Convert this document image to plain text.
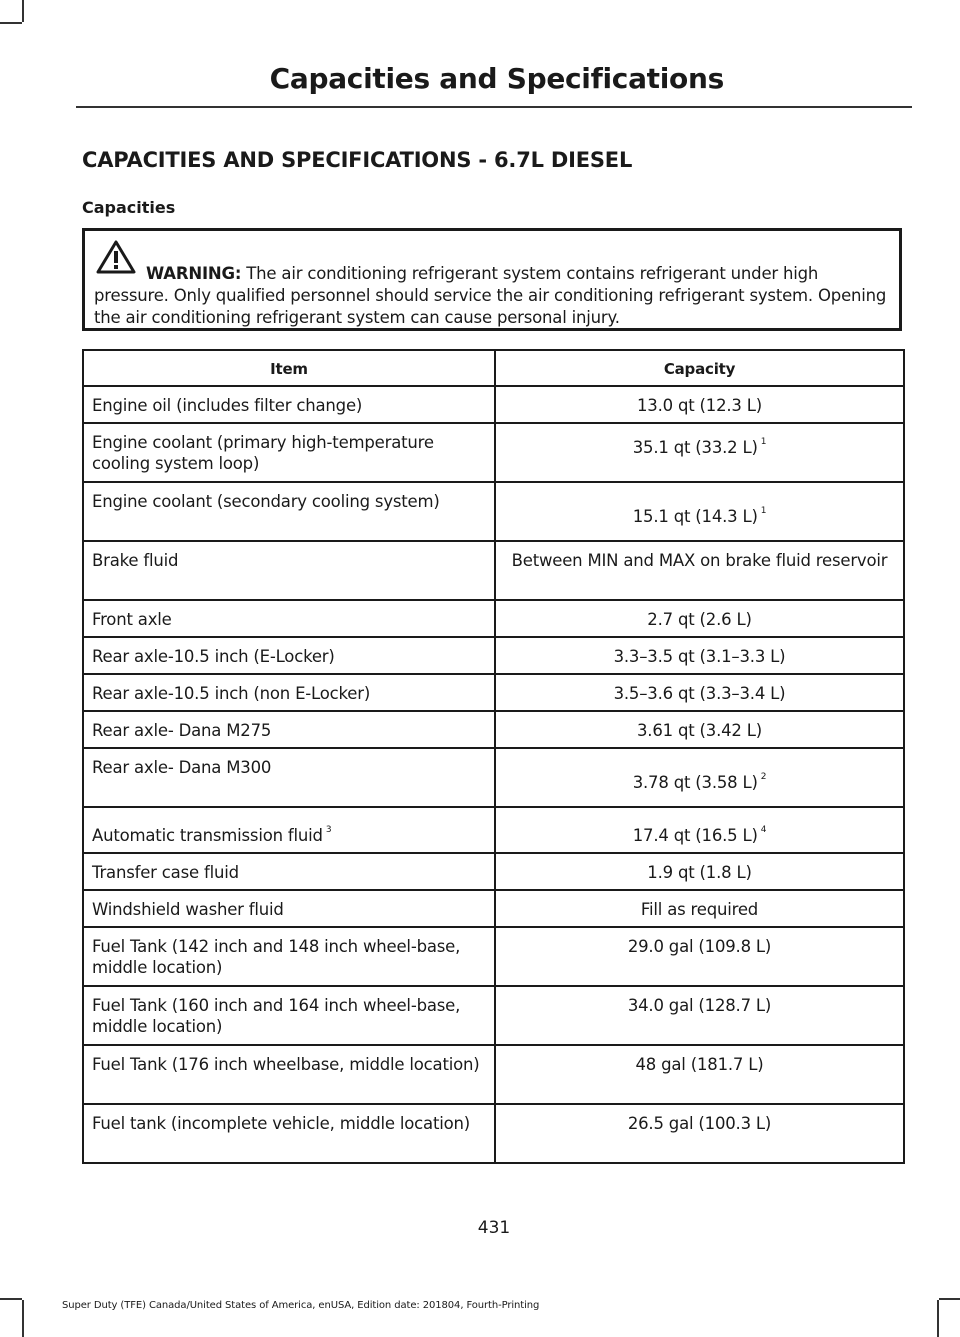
Capacities and Specifications
CAPACITIES AND SPECIFICATIONS - 6.7L DIESEL
Capacities
WARNING: The air conditioning refrigerant system contains refrigerant under high pressure. Only qualified personnel should service the air conditioning refrigerant system. Opening the air conditioning refrigerant system can cause personal injury.
Item	Capacity
Engine oil (includes filter change)	13.0 qt (12.3 L)
Engine coolant (primary high-temperature cooling system loop)	35.1 qt (33.2 L) $^1$
Engine coolant (secondary cooling system)	15.1 qt (14.3 L) $^1$
Brake fluid	Between MIN and MAX on brake fluid reservoir
Front axle	2.7 qt (2.6 L)
Rear axle-10.5 inch (E-Locker)	3.3–3.5 qt (3.1–3.3 L)
Rear axle-10.5 inch (non E-Locker)	3.5–3.6 qt (3.3–3.4 L)
Rear axle- Dana M275	3.61 qt (3.42 L)
Rear axle- Dana M300	3.78 qt (3.58 L) $^2$
Automatic transmission fluid $^3$	17.4 qt (16.5 L) $^4$
Transfer case fluid	1.9 qt (1.8 L)
Windshield washer fluid	Fill as required
Fuel Tank (142 inch and 148 inch wheel-base, middle location)	29.0 gal (109.8 L)
Fuel Tank (160 inch and 164 inch wheel-base, middle location)	34.0 gal (128.7 L)
Fuel Tank (176 inch wheelbase, middle location)	48 gal (181.7 L)
Fuel tank (incomplete vehicle, middle location)	26.5 gal (100.3 L)
431
Super Duty (TFE) Canada/United States of America, enUSA, Edition date: 201804, Fourth-Printing
